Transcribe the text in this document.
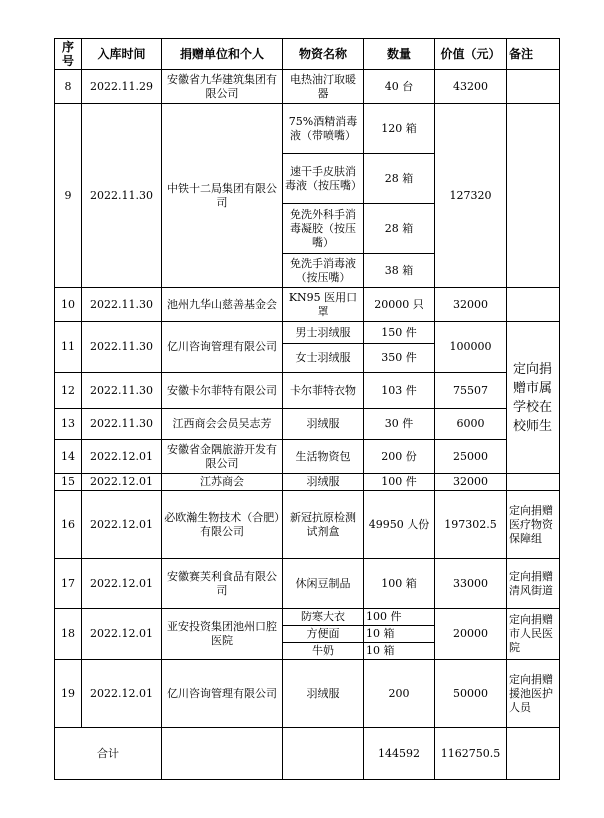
序号	入库时间	捐赠单位和个人	物资名称	数量	价值（元）	备注	
8	2022.11.29	安徽省九华建筑集团有限公司	电热油汀取暖器	40 台	43200		
9	2022.11.30	中铁十二局集团有限公司	75%酒精消毒液（带喷嘴）	120 箱	127320		
			速干手皮肤消毒液（按压嘴）	28 箱			
			免洗外科手消毒凝胶（按压嘴）	28 箱			
			免洗手消毒液（按压嘴）	38 箱			
10	2022.11.30	池州九华山慈善基金会	KN95 医用口罩	20000 只	32000		
11	2022.11.30	亿川咨询管理有限公司	男士羽绒服	150 件	100000	定向捐赠市属学校在校师生	
			女士羽绒服	350 件			
12	2022.11.30	安徽卡尔菲特有限公司	卡尔菲特衣物	103 件	75507		
13	2022.11.30	江西商会会员吴志芳	羽绒服	30 件	6000		
14	2022.12.01	安徽省金隅旅游开发有限公司	生活物资包	200 份	25000		
15	2022.12.01	江苏商会	羽绒服	100 件	32000		
16	2022.12.01	必欧瀚生物技术（合肥）有限公司	新冠抗原检测试剂盒	49950 人份	197302.5	定向捐赠医疗物资保障组	
17	2022.12.01	安徽赛芙利食品有限公司	休闲豆制品	100 箱	33000	定向捐赠清风街道	
18	2022.12.01	亚安投资集团池州口腔医院	防寒大衣	100 件	20000	定向捐赠市人民医院	
			方便面	10 箱			
			牛奶	10 箱			
19	2022.12.01	亿川咨询管理有限公司	羽绒服	200	50000	定向捐赠援池医护人员	
合计				144592	1162750.5		
